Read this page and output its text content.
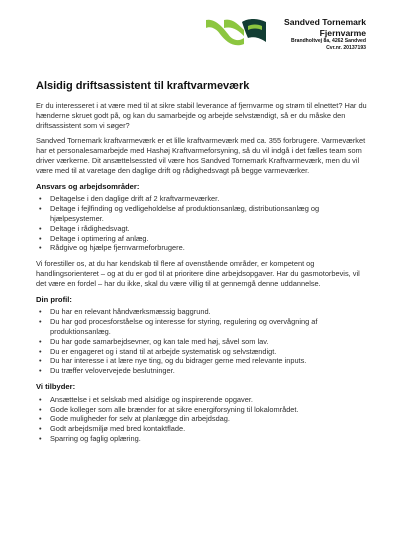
Sandved Tornemark
Fjernvarme
Brandholtvej 8a, 4262 Sandved
Cvr.nr. 20137193
Alsidig driftsassistent til kraftvarmeværk

Er du interesseret i at være med til at sikre stabil leverance af fjernvarme og strøm til elnettet? Har du hænderne skruet godt på, og kan du samarbejde og arbejde selvstændigt, så er du måske den driftsassistent som vi søger?

Sandved Tornemark kraftvarmeværk er et lille kraftvarmeværk med ca. 355 forbrugere. Varmeværket har et personalesamarbejde med Hashøj Kraftvarmeforsyning, så du vil indgå i det fælles team som driver værkerne. Dit ansættelsessted vil være hos Sandved Tornemark Kraftvarmeværk, men du vil være med til at varetage den daglige drift og rådighedsvagt på begge varmeværker.

Ansvars og arbejdsområder:
• Deltagelse i den daglige drift af 2 kraftvarmeværker.
• Deltage i fejlfinding og vedligeholdelse af produktionsanlæg, distributionsanlæg og hjælpesystemer.
• Deltage i rådighedsvagt.
• Deltage i optimering af anlæg.
• Rådgive og hjælpe fjernvarmeforbrugere.

Vi forestiller os, at du har kendskab til flere af ovenstående områder, er kompetent og handlingsorienteret – og at du er god til at prioritere dine arbejdsopgaver. Har du gasmotorbevis, vil det være en fordel – har du ikke, skal du være villig til at gennemgå denne uddannelse.

Din profil:
• Du har en relevant håndværksmæssig baggrund.
• Du har god procesforståelse og interesse for styring, regulering og overvågning af produktionsanlæg.
• Du har gode samarbejdsevner, og kan tale med høj, såvel som lav.
• Du er engageret og i stand til at arbejde systematisk og selvstændigt.
• Du har interesse i at lære nye ting, og du bidrager gerne med relevante inputs.
• Du træffer velovervejede beslutninger.
Vi tilbyder:
• Ansættelse i et selskab med alsidige og inspirerende opgaver.
• Gode kolleger som alle brænder for at sikre energiforsyning til lokalområdet.
• Gode muligheder for selv at planlægge din arbejdsdag.
• Godt arbejdsmiljø med bred kontaktflade.
• Sparring og faglig oplæring.
